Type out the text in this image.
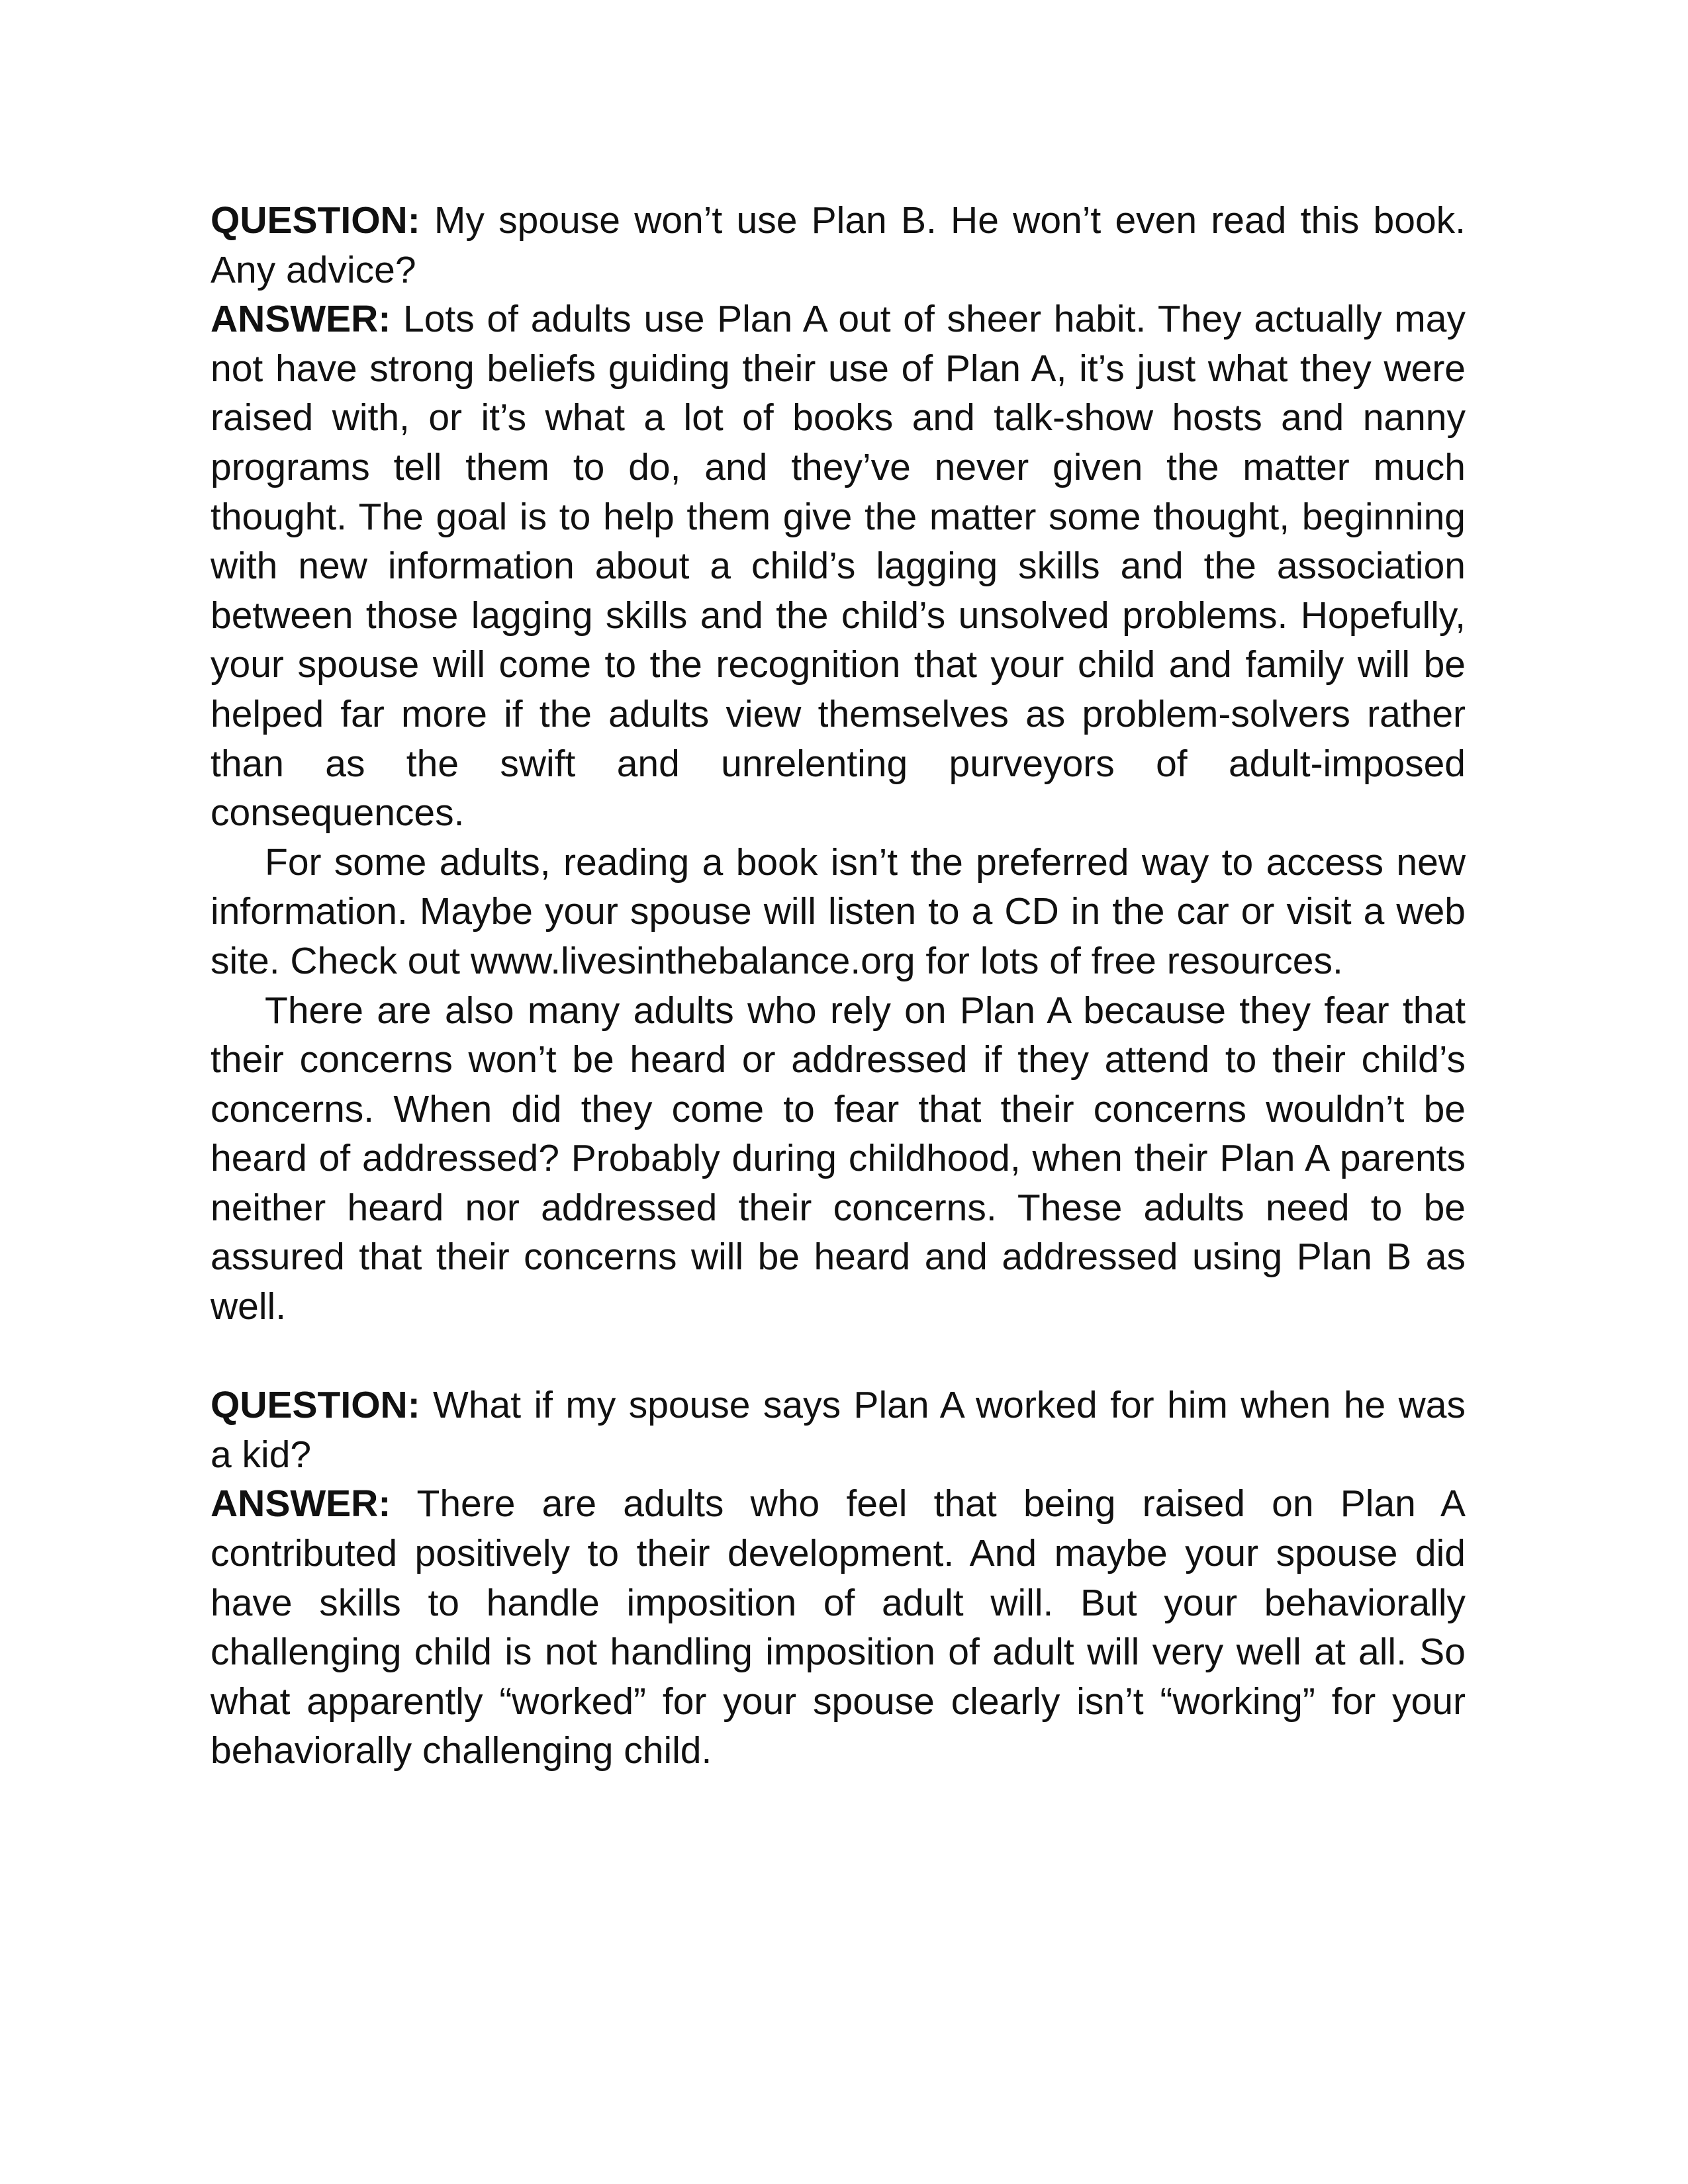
QUESTION: My spouse won’t use Plan B. He won’t even read this book. Any advice?

ANSWER: Lots of adults use Plan A out of sheer habit. They actually may not have strong beliefs guiding their use of Plan A, it’s just what they were raised with, or it’s what a lot of books and talk-show hosts and nanny programs tell them to do, and they’ve never given the matter much thought. The goal is to help them give the matter some thought, beginning with new information about a child’s lagging skills and the association between those lagging skills and the child’s unsolved problems. Hopefully, your spouse will come to the recognition that your child and family will be helped far more if the adults view themselves as problem-solvers rather than as the swift and unrelenting purveyors of adult-imposed consequences.

For some adults, reading a book isn’t the preferred way to access new information. Maybe your spouse will listen to a CD in the car or visit a web site. Check out www.livesinthebalance.org for lots of free resources.

There are also many adults who rely on Plan A because they fear that their concerns won’t be heard or addressed if they attend to their child’s concerns. When did they come to fear that their concerns wouldn’t be heard of addressed? Probably during childhood, when their Plan A parents neither heard nor addressed their concerns. These adults need to be assured that their concerns will be heard and addressed using Plan B as well.

QUESTION: What if my spouse says Plan A worked for him when he was a kid?

ANSWER: There are adults who feel that being raised on Plan A contributed positively to their development. And maybe your spouse did have skills to handle imposition of adult will. But your behaviorally challenging child is not handling imposition of adult will very well at all. So what apparently “worked” for your spouse clearly isn’t “working” for your behaviorally challenging child.
